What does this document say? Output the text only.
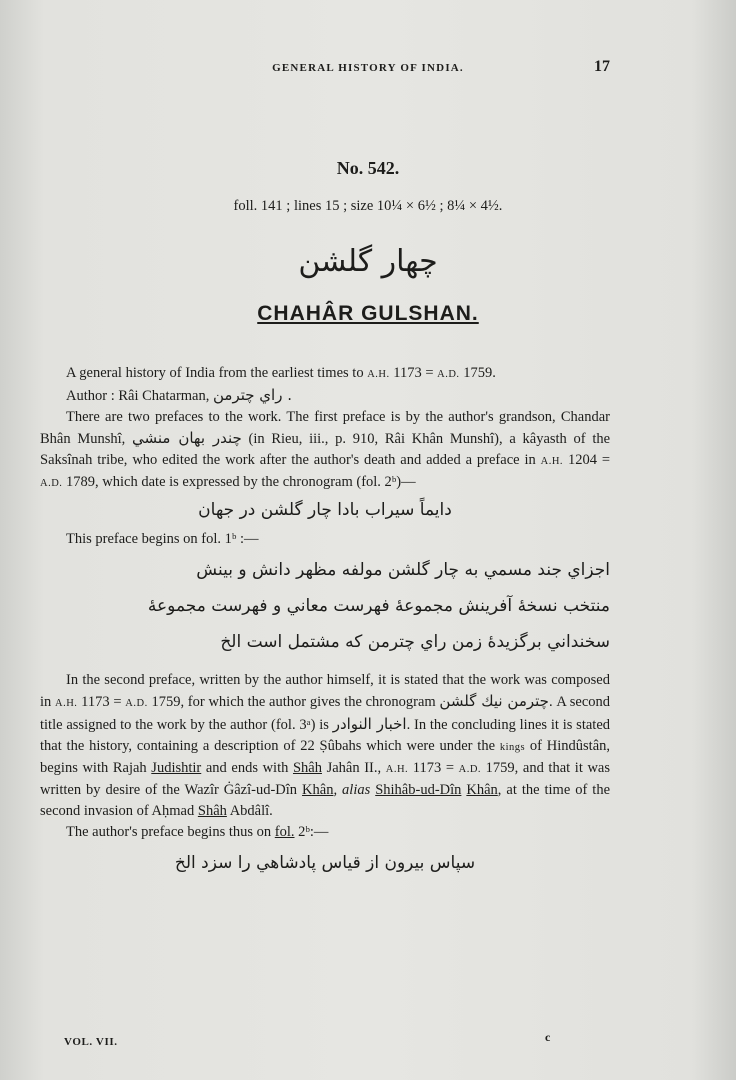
GENERAL HISTORY OF INDIA.	17
No. 542.
foll. 141 ; lines 15 ; size 10¼ × 6½ ; 8¼ × 4½.
چهار گلشن
CHAHÂR GULSHAN.

A general history of India from the earliest times to A.H. 1173 = A.D. 1759.

Author : Râi Chatarman, راي چترمن .

There are two prefaces to the work. The first preface is by the author's grandson, Chandar Bhân Munshî, چندر بهان منشي (in Rieu, iii., p. 910, Râi Khân Munshî), a kâyasth of the Saksînah tribe, who edited the work after the author's death and added a preface in A.H. 1204 = A.D. 1789, which date is expressed by the chronogram (fol. 2ᵇ)—

دايماً سيراب بادا چار گلشن در جهان

This preface begins on fol. 1ᵇ :—

اجزاي جند مسمي به چار گلشن مولفه مظهر دانش و بينش
منتخب نسخهٔ آفرينش مجموعهٔ فهرست معاني و فهرست مجموعهٔ
سخنداني برگزيدهٔ زمن راي چترمن كه مشتمل است الخ

In the second preface, written by the author himself, it is stated that the work was composed in A.H. 1173 = A.D. 1759, for which the author gives the chronogram چترمن نيك گلشن. A second title assigned to the work by the author (fol. 3ᵃ) is اخبار النوادر. In the concluding lines it is stated that the history, containing a description of 22 Ṣûbahs which were under the kings of Hindûstân, begins with Rajah Judishtir and ends with Shâh Jahân II., A.H. 1173 = A.D. 1759, and that it was written by desire of the Wazîr Ġâzî-ud-Dîn Khân, alias Shihâb-ud-Dîn Khân, at the time of the second invasion of Aḥmad Shâh Abdâlî.

The author's preface begins thus on fol. 2ᵇ:—

سپاس بيرون از قياس پادشاهي را سزد الخ
VOL. VII.	c
